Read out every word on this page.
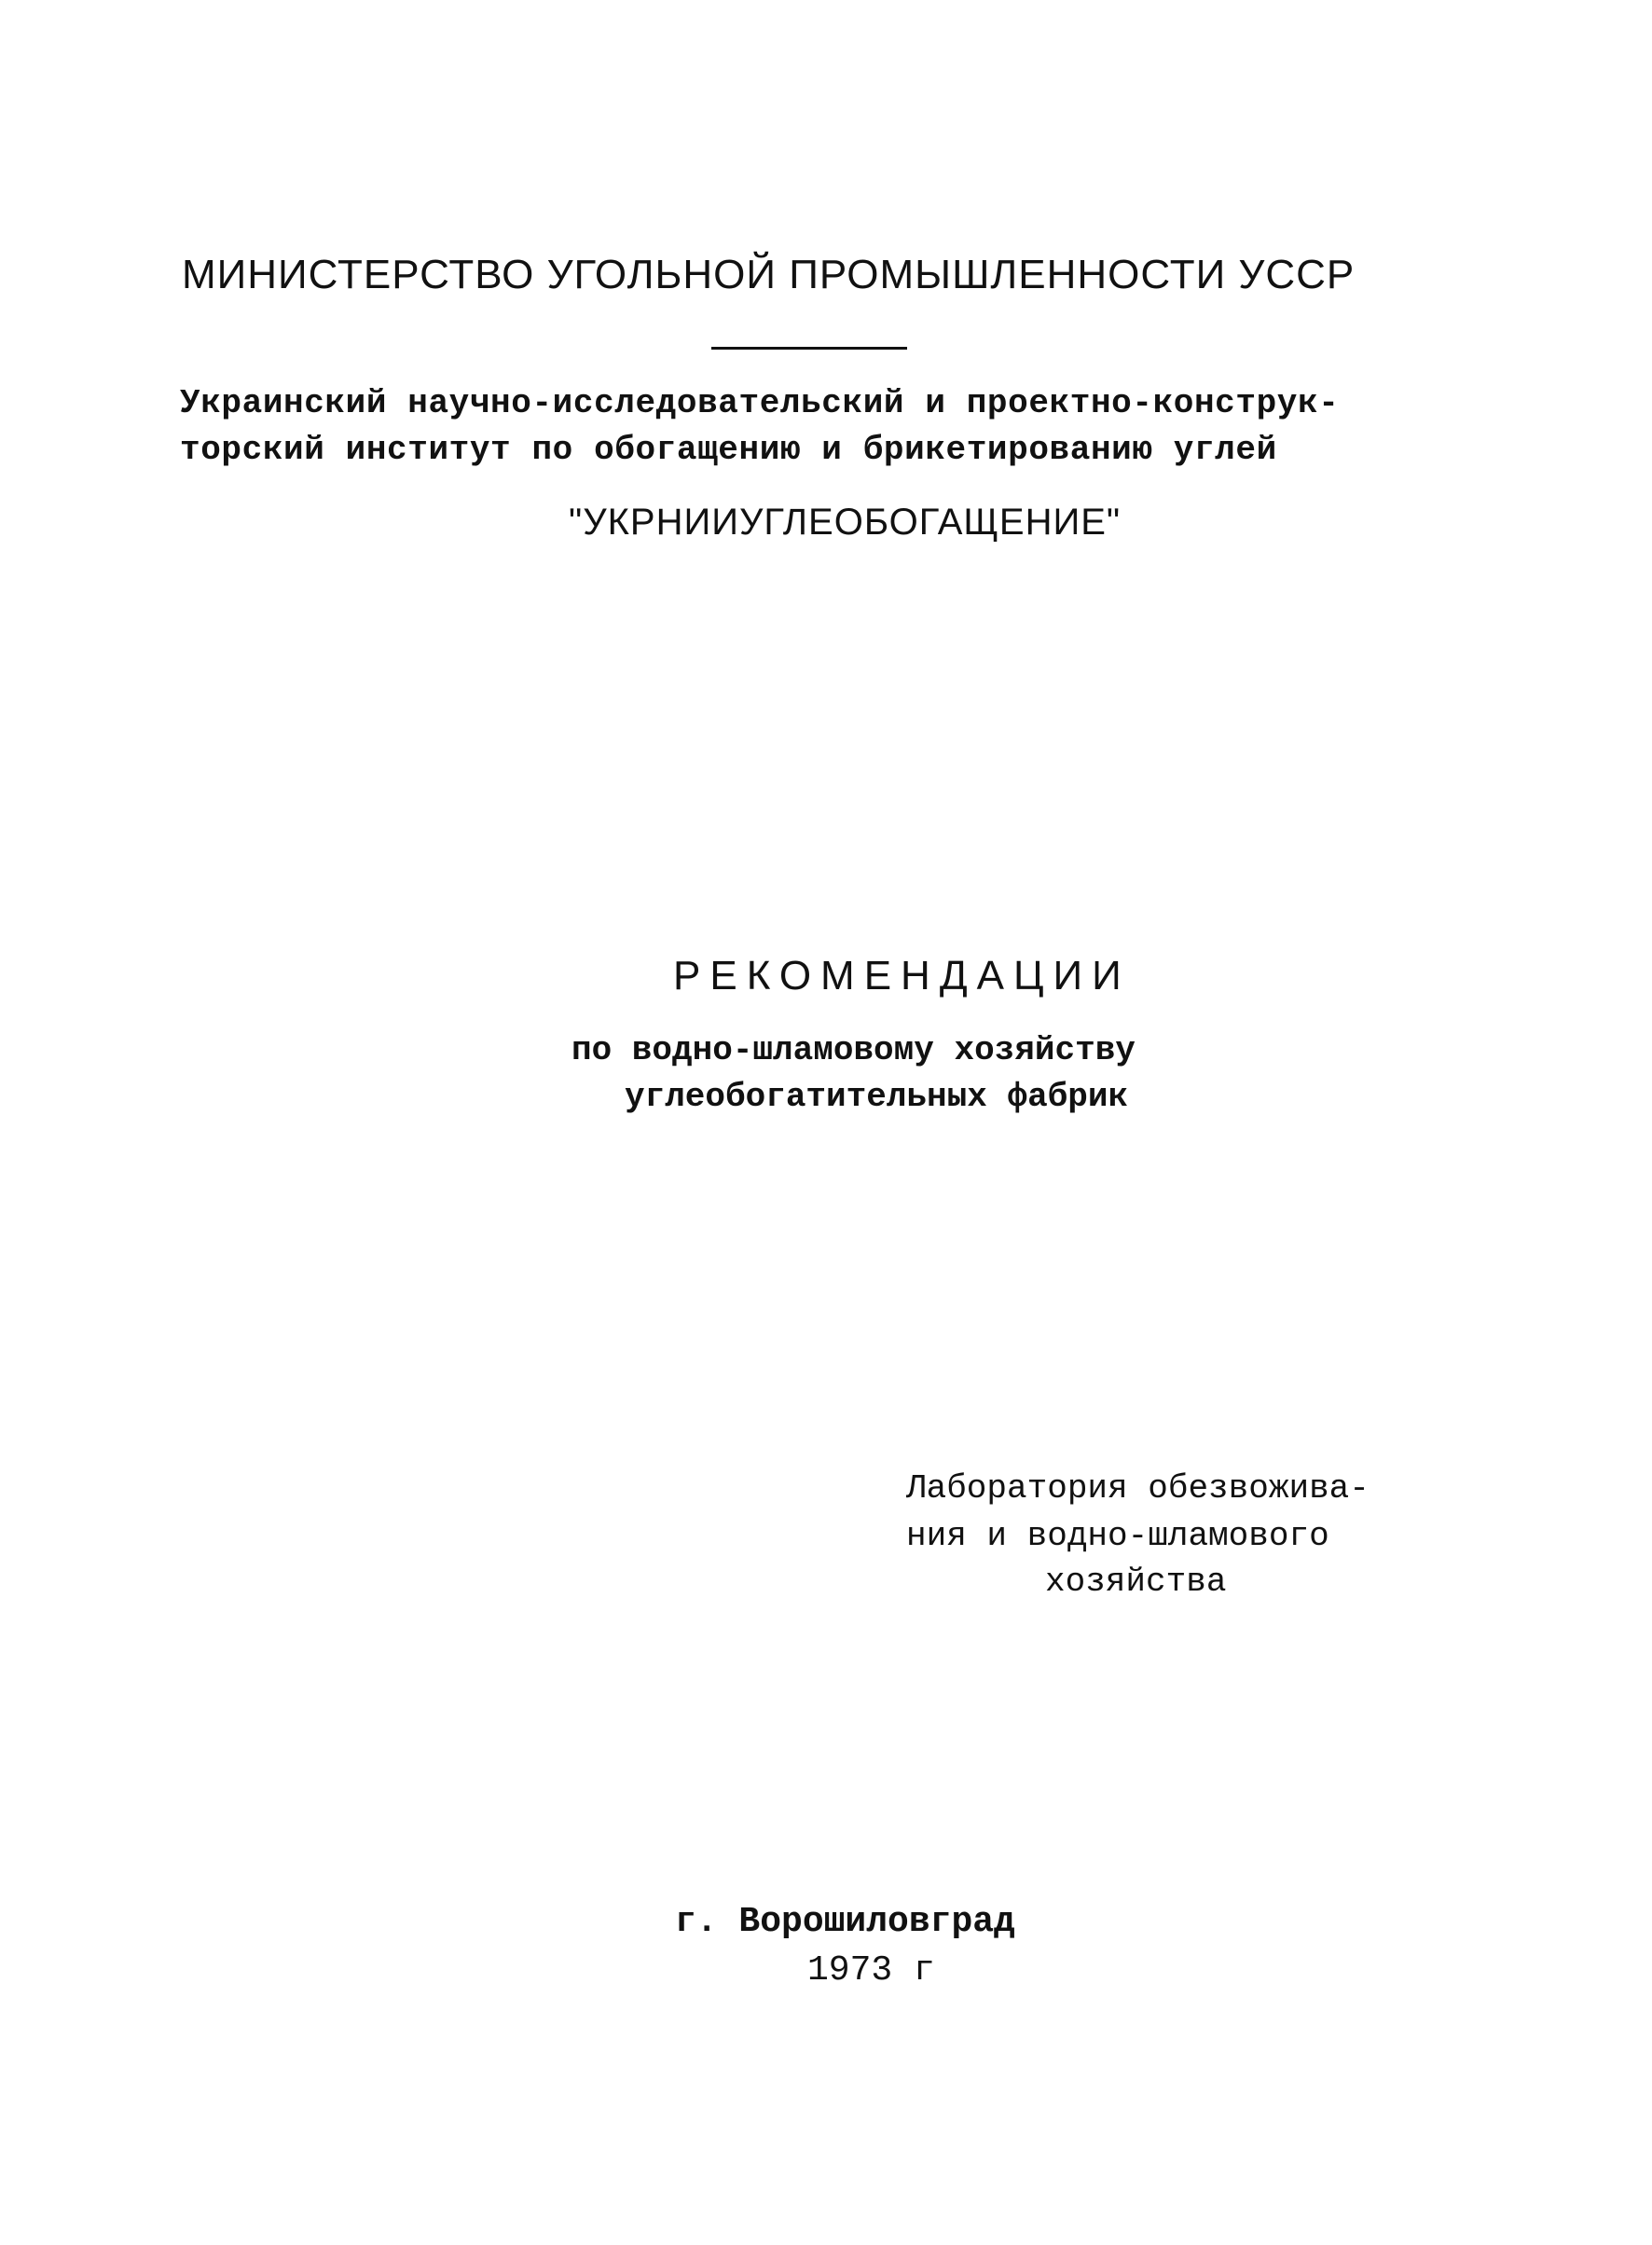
МИНИСТЕРСТВО УГОЛЬНОЙ ПРОМЫШЛЕННОСТИ УССР
Украинский научно-исследовательский и проектно-конструк-
торский институт по обогащению и брикетированию углей
"УКРНИИУГЛЕОБОГАЩЕНИЕ"
РЕКОМЕНДАЦИИ
по водно-шламовому хозяйству
углеобогатительных фабрик
Лаборатория обезвожива-
ния и водно-шламового
хозяйства
г. Ворошиловград
1973 г
